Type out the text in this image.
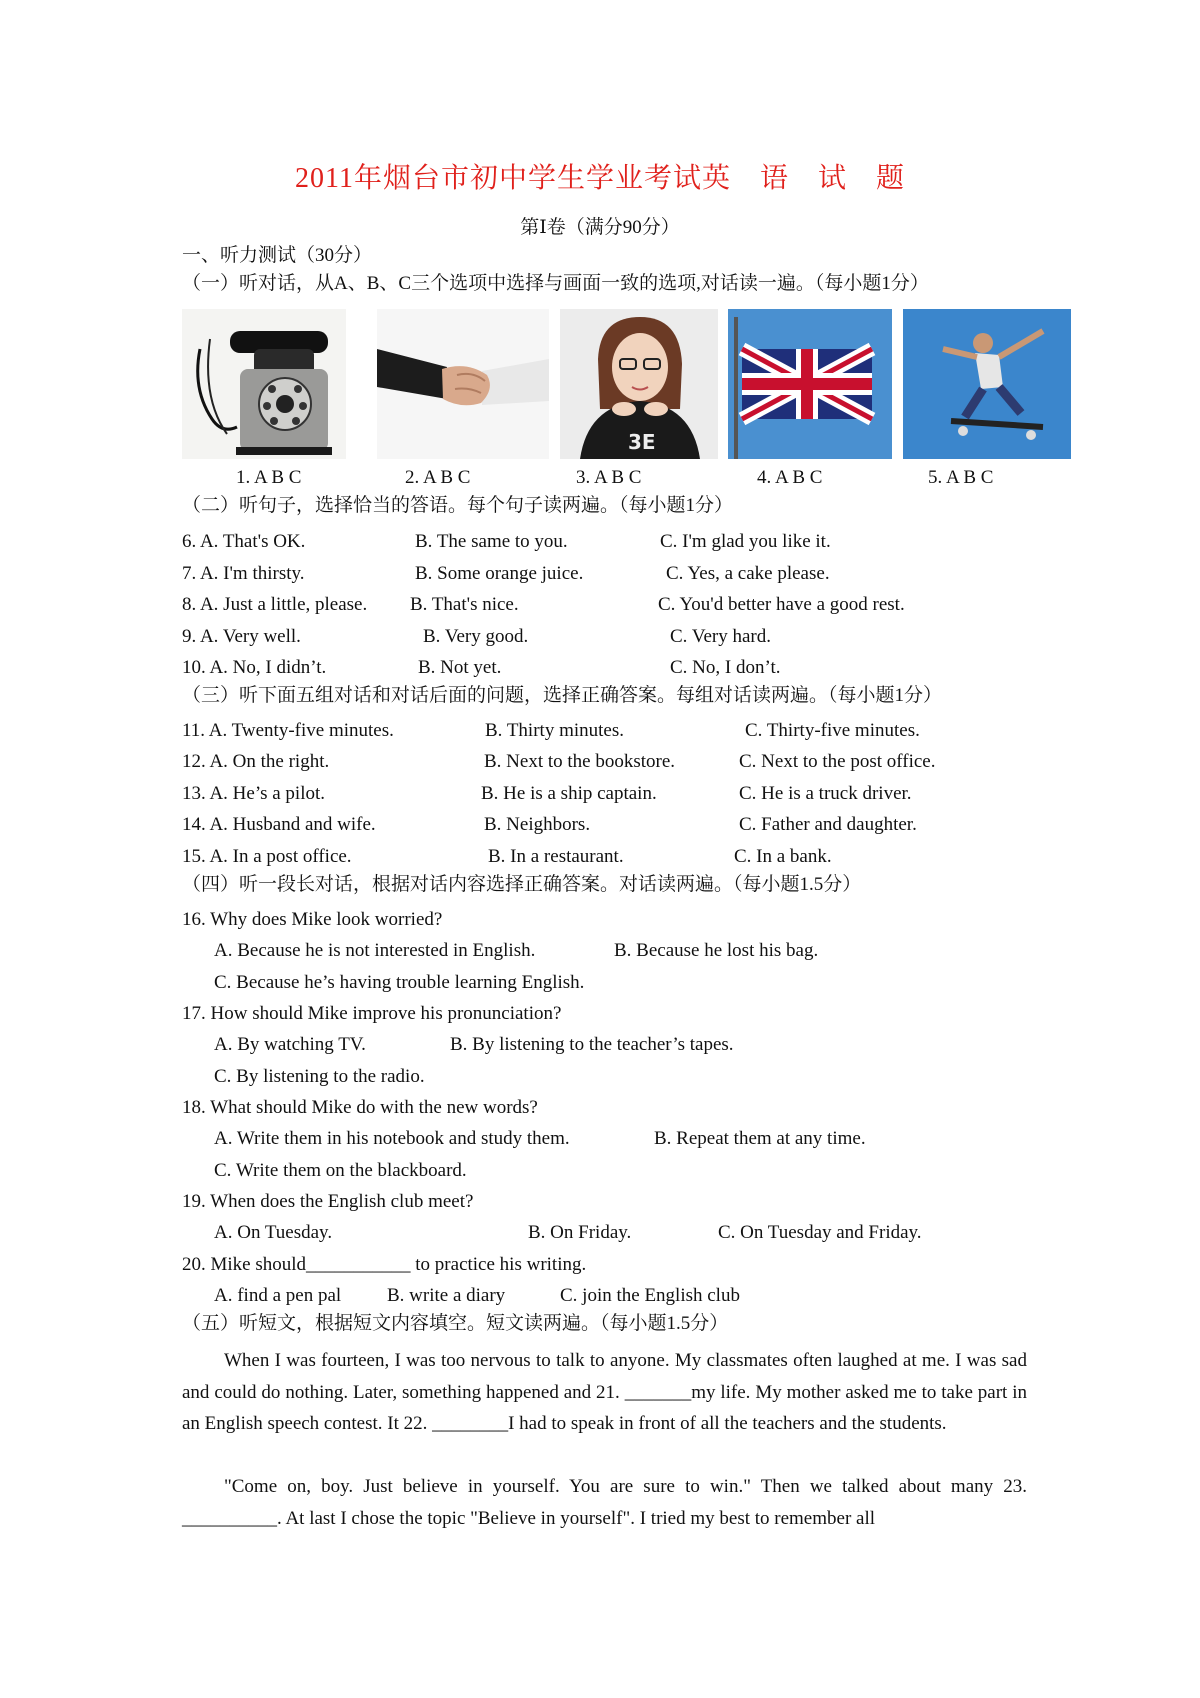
2011年烟台市初中学生学业考试英　语　试　题
第Ⅰ卷（满分90分）
一、听力测试（30分）
（一）听对话，从A、B、C三个选项中选择与画面一致的选项,对话读一遍。（每小题1分）
3E
1. A B C	2. A B C	3. A B C	4. A B C	5. A B C
（二）听句子，选择恰当的答语。每个句子读两遍。（每小题1分）
6. A. That's OK.	B. The same to you.	C. I'm glad you like it.
7. A. I'm thirsty.	B. Some orange juice.	C. Yes, a cake please.
8. A. Just a little, please. B. That's nice.	C. You'd better have a good rest.
9. A. Very well.	B. Very good.	C. Very hard.
10. A. No, I didn’t.	B. Not yet.	C. No, I don’t.
（三）听下面五组对话和对话后面的问题，选择正确答案。每组对话读两遍。（每小题1分）
11. A. Twenty-five minutes.	B. Thirty minutes.	C. Thirty-five minutes.
12. A. On the right.	B. Next to the bookstore.	C. Next to the post office.
13. A. He’s a pilot.	B. He is a ship captain.	C. He is a truck driver.
14. A. Husband and wife.	B. Neighbors.	C. Father and daughter.
15. A. In a post office.	B. In a restaurant.	C. In a bank.
（四）听一段长对话，根据对话内容选择正确答案。对话读两遍。（每小题1.5分）
16. Why does Mike look worried?
A. Because he is not interested in English.	B. Because he lost his bag.
C. Because he’s having trouble learning English.
17. How should Mike improve his pronunciation?
A. By watching TV.	B. By listening to the teacher’s tapes.
C. By listening to the radio.
18. What should Mike do with the new words?
A. Write them in his notebook and study them.	B. Repeat them at any time.
C. Write them on the blackboard.
19. When does the English club meet?
A. On Tuesday.	B. On Friday.	C. On Tuesday and Friday.
20. Mike should___________ to practice his writing.
A. find a pen pal B. write a diary	C. join the English club
（五）听短文，根据短文内容填空。短文读两遍。（每小题1.5分）
When I was fourteen, I was too nervous to talk to anyone. My classmates often laughed at me. I was sad and could do nothing. Later, something happened and 21. _______my life. My mother asked me to take part in an English speech contest. It 22. ________I had to speak in front of all the teachers and the students.
"Come on, boy. Just believe in yourself. You are sure to win." Then we talked about many 23. __________. At last I chose the topic "Believe in yourself". I tried my best to remember all
